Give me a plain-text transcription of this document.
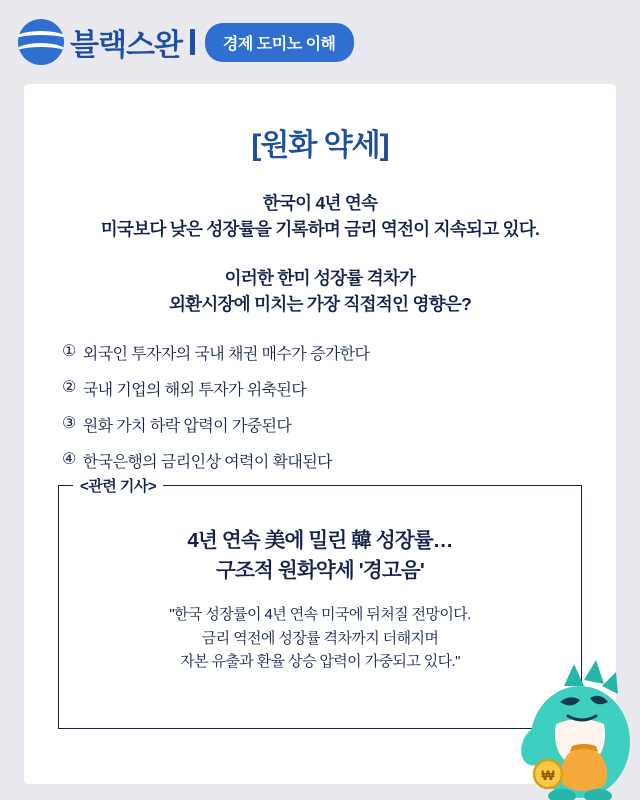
블랙스완	경제 도미노 이해
[원화 약세]
한국이 4년 연속
미국보다 낮은 성장률을 기록하며 금리 역전이 지속되고 있다.
이러한 한미 성장률 격차가
외환시장에 미치는 가장 직접적인 영향은?
① 외국인 투자자의 국내 채권 매수가 증가한다
② 국내 기업의 해외 투자가 위축된다
③ 원화 가치 하락 압력이 가중된다
④ 한국은행의 금리인상 여력이 확대된다
<관련 기사>
4년 연속 美에 밀린 韓 성장률…
구조적 원화약세 '경고음'
"한국 성장률이 4년 연속 미국에 뒤처질 전망이다.
금리 역전에 성장률 격차까지 더해지며
자본 유출과 환율 상승 압력이 가중되고 있다."
₩
